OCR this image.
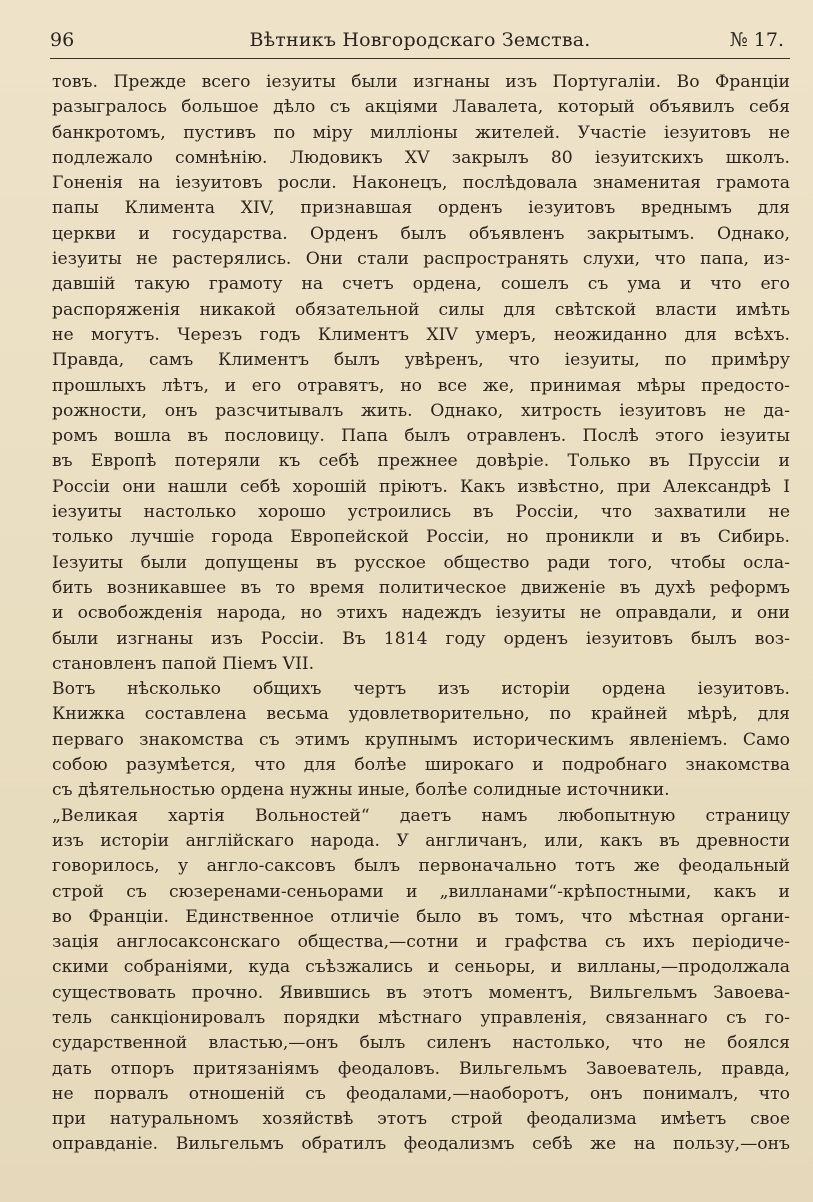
96	Вѣтникъ Новгородскаго Земства.	№ 17.
товъ. Прежде всего іезуиты были изгнаны изъ Португаліи. Во Франціи
разыгралось большое дѣло съ акціями Лавалета, который объявилъ себя
банкротомъ, пустивъ по міру милліоны жителей. Участіе іезуитовъ не
подлежало сомнѣнію. Людовикъ XV закрылъ 80 іезуитскихъ школъ.
Гоненія на іезуитовъ росли. Наконецъ, послѣдовала знаменитая грамота
папы Климента XIV, признавшая орденъ іезуитовъ вреднымъ для
церкви и государства. Орденъ былъ объявленъ закрытымъ. Однако,
іезуиты не растерялись. Они стали распространять слухи, что папа, из-
давшій такую грамоту на счетъ ордена, сошелъ съ ума и что его
распоряженія никакой обязательной силы для свѣтской власти имѣть
не могутъ. Черезъ годъ Климентъ XIV умеръ, неожиданно для всѣхъ.
Правда, самъ Климентъ былъ увѣренъ, что іезуиты, по примѣру
прошлыхъ лѣтъ, и его отравятъ, но все же, принимая мѣры предосто-
рожности, онъ разсчитывалъ жить. Однако, хитрость іезуитовъ не да-
ромъ вошла въ пословицу. Папа былъ отравленъ. Послѣ этого іезуиты
въ Европѣ потеряли къ себѣ прежнее довѣріе. Только въ Пруссіи и
Россіи они нашли себѣ хорошій пріютъ. Какъ извѣстно, при Александрѣ I
іезуиты настолько хорошо устроились въ Россіи, что захватили не
только лучшіе города Европейской Россіи, но проникли и въ Сибирь.
Іезуиты были допущены въ русское общество ради того, чтобы осла-
бить возникавшее въ то время политическое движеніе въ духѣ реформъ
и освобожденія народа, но этихъ надеждъ іезуиты не оправдали, и они
были изгнаны изъ Россіи. Въ 1814 году орденъ іезуитовъ былъ воз-
становленъ папой Піемъ VII.
Вотъ нѣсколько общихъ чертъ изъ исторіи ордена іезуитовъ.
Книжка составлена весьма удовлетворительно, по крайней мѣрѣ, для
перваго знакомства съ этимъ крупнымъ историческимъ явленіемъ. Само
собою разумѣется, что для болѣе широкаго и подробнаго знакомства
съ дѣятельностью ордена нужны иные, болѣе солидные источники.
„Великая хартія Вольностей“ даетъ намъ любопытную страницу
изъ исторіи англійскаго народа. У англичанъ, или, какъ въ древности
говорилось, у англо-саксовъ былъ первоначально тотъ же феодальный
строй съ сюзеренами-сеньорами и „вилланами“-крѣпостными, какъ и
во Франціи. Единственное отличіе было въ томъ, что мѣстная органи-
зація англосаксонскаго общества,—сотни и графства съ ихъ періодиче-
скими собраніями, куда съѣзжались и сеньоры, и вилланы,—продолжала
существовать прочно. Явившись въ этотъ моментъ, Вильгельмъ Завоева-
тель санкціонировалъ порядки мѣстнаго управленія, связаннаго съ го-
сударственной властью,—онъ былъ силенъ настолько, что не боялся
дать отпоръ притязаніямъ феодаловъ. Вильгельмъ Завоеватель, правда,
не порвалъ отношеній съ феодалами,—наоборотъ, онъ понималъ, что
при натуральномъ хозяйствѣ этотъ строй феодализма имѣетъ свое
оправданіе. Вильгельмъ обратилъ феодализмъ себѣ же на пользу,—онъ
